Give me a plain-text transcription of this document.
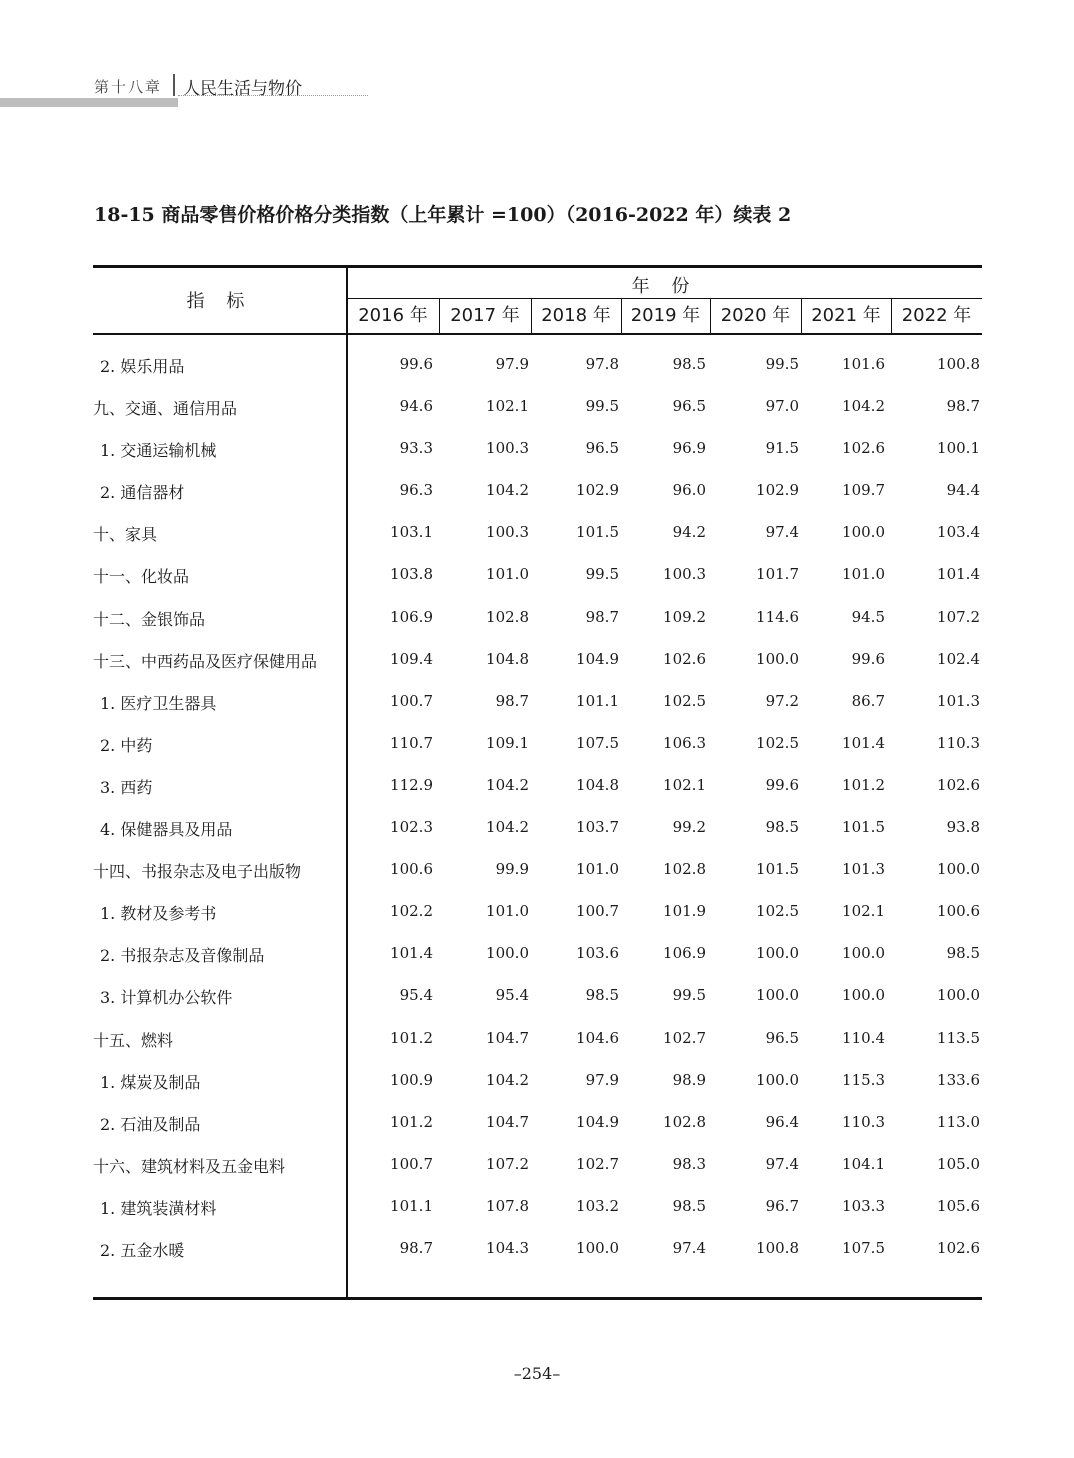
第十八章 人民生活与物价
18-15 商品零售价格价格分类指数（上年累计 =100）（2016-2022 年）续表 2
指 标
年 份
2016 年	2017 年	2018 年	2019 年	2020 年	2021 年	2022 年
2. 娱乐用品	99.6	97.9	97.8	98.5	99.5	101.6	100.8
九、交通、通信用品	94.6	102.1	99.5	96.5	97.0	104.2	98.7
1. 交通运输机械	93.3	100.3	96.5	96.9	91.5	102.6	100.1
2. 通信器材	96.3	104.2	102.9	96.0	102.9	109.7	94.4
十、家具	103.1	100.3	101.5	94.2	97.4	100.0	103.4
十一、化妆品	103.8	101.0	99.5	100.3	101.7	101.0	101.4
十二、金银饰品	106.9	102.8	98.7	109.2	114.6	94.5	107.2
十三、中西药品及医疗保健用品	109.4	104.8	104.9	102.6	100.0	99.6	102.4
1. 医疗卫生器具	100.7	98.7	101.1	102.5	97.2	86.7	101.3
2. 中药	110.7	109.1	107.5	106.3	102.5	101.4	110.3
3. 西药	112.9	104.2	104.8	102.1	99.6	101.2	102.6
4. 保健器具及用品	102.3	104.2	103.7	99.2	98.5	101.5	93.8
十四、书报杂志及电子出版物	100.6	99.9	101.0	102.8	101.5	101.3	100.0
1. 教材及参考书	102.2	101.0	100.7	101.9	102.5	102.1	100.6
2. 书报杂志及音像制品	101.4	100.0	103.6	106.9	100.0	100.0	98.5
3. 计算机办公软件	95.4	95.4	98.5	99.5	100.0	100.0	100.0
十五、燃料	101.2	104.7	104.6	102.7	96.5	110.4	113.5
1. 煤炭及制品	100.9	104.2	97.9	98.9	100.0	115.3	133.6
2. 石油及制品	101.2	104.7	104.9	102.8	96.4	110.3	113.0
十六、建筑材料及五金电料	100.7	107.2	102.7	98.3	97.4	104.1	105.0
1. 建筑装潢材料	101.1	107.8	103.2	98.5	96.7	103.3	105.6
2. 五金水暖	98.7	104.3	100.0	97.4	100.8	107.5	102.6
–254–
